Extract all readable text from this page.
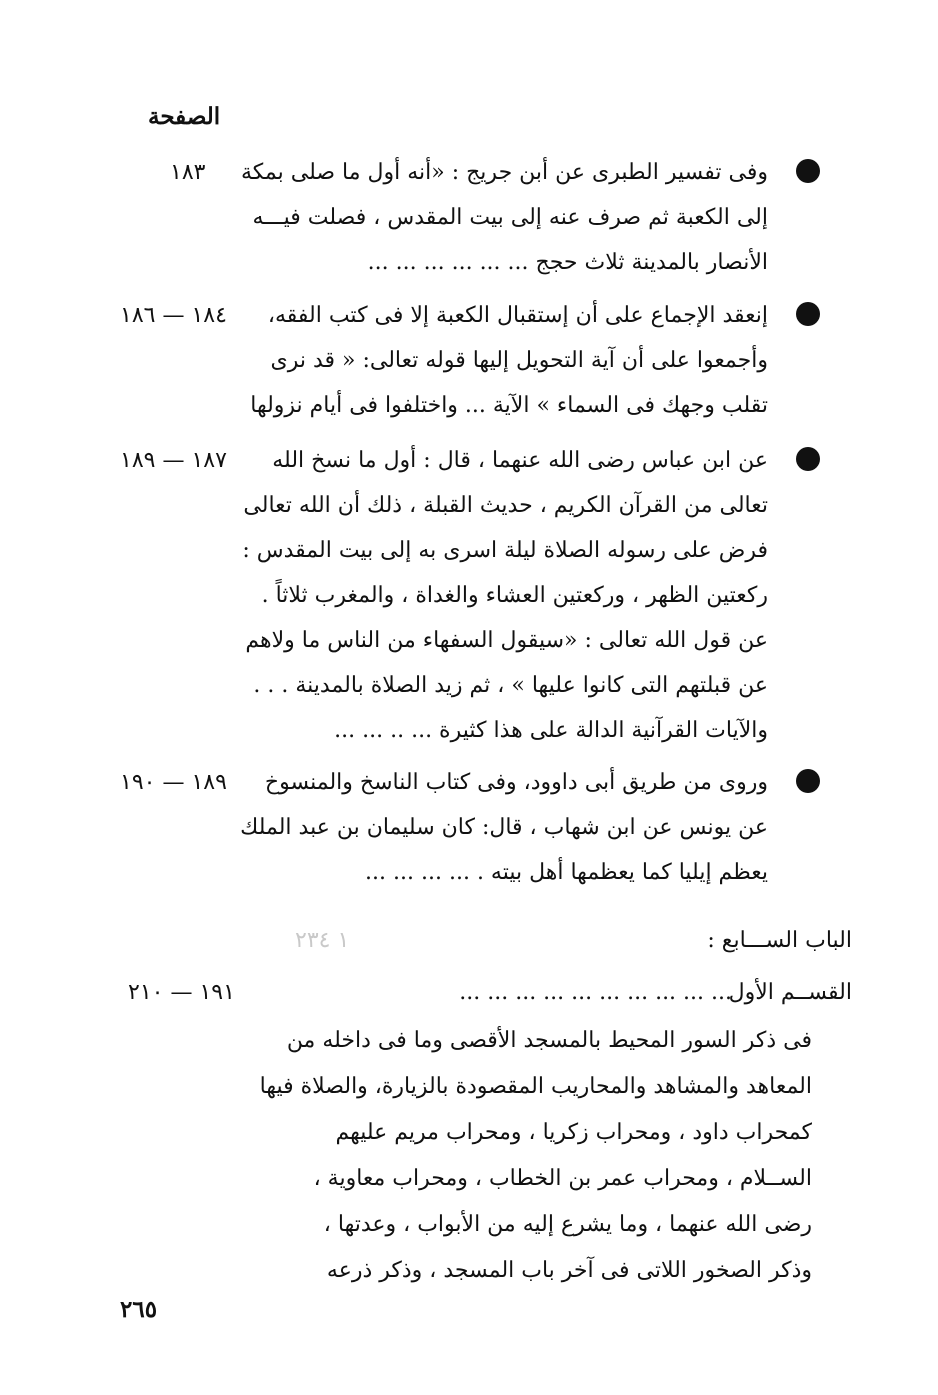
الصفحة
وفى تفسير الطبرى عن أبن جريج : «أنه أول ما صلى بمكة
إلى الكعبة ثم صرف عنه إلى بيت المقدس ، فصلت فيـــه
الأنصار بالمدينة ثلاث حجج ... ... ... ... ... ...
١٨٣
إنعقد الإجماع على أن إستقبال الكعبة إلا فى كتب الفقه،
وأجمعوا على أن آية التحويل إليها قوله تعالى: « قد نرى
تقلب وجهك فى السماء » الآية ... واختلفوا فى أيام نزولها
١٨٤ — ١٨٦
عن ابن عباس رضى الله عنهما ، قال : أول ما نسخ الله
تعالى من القرآن الكريم ، حديث القبلة ، ذلك أن الله تعالى
فرض على رسوله الصلاة ليلة اسرى به إلى بيت المقدس :
ركعتين الظهر ، وركعتين العشاء والغداة ، والمغرب ثلاثاً .
عن قول الله تعالى : «سيقول السفهاء من الناس ما ولاهم
عن قبلتهم التى كانوا عليها » ، ثم زيد الصلاة بالمدينة . . .
والآيات القرآنية الدالة على هذا كثيرة ... .. ... ...
١٨٧ — ١٨٩
وروى من طريق أبى داوود، وفى كتاب الناسخ والمنسوخ
عن يونس عن ابن شهاب ، قال: كان سليمان بن عبد الملك
يعظم إيليا كما يعظمها أهل بيته . ... ... ... ...
١٨٩ — ١٩٠
الباب الســـابع :
١ ٢٣٤
القســم الأول
... ... ... ... ... ... ... ... ... ...
١٩١ — ٢١٠
فى ذكر السور المحيط بالمسجد الأقصى وما فى داخله من
المعاهد والمشاهد والمحاريب المقصودة بالزيارة، والصلاة فيها
كمحراب داود ، ومحراب زكريا ، ومحراب مريم عليهم
الســلام ، ومحراب عمر بن الخطاب ، ومحراب معاوية ،
رضى الله عنهما ، وما يشرع إليه من الأبواب ، وعدتها ،
وذكر الصخور اللاتى فى آخر باب المسجد ، وذكر ذرعه
٢٦٥
